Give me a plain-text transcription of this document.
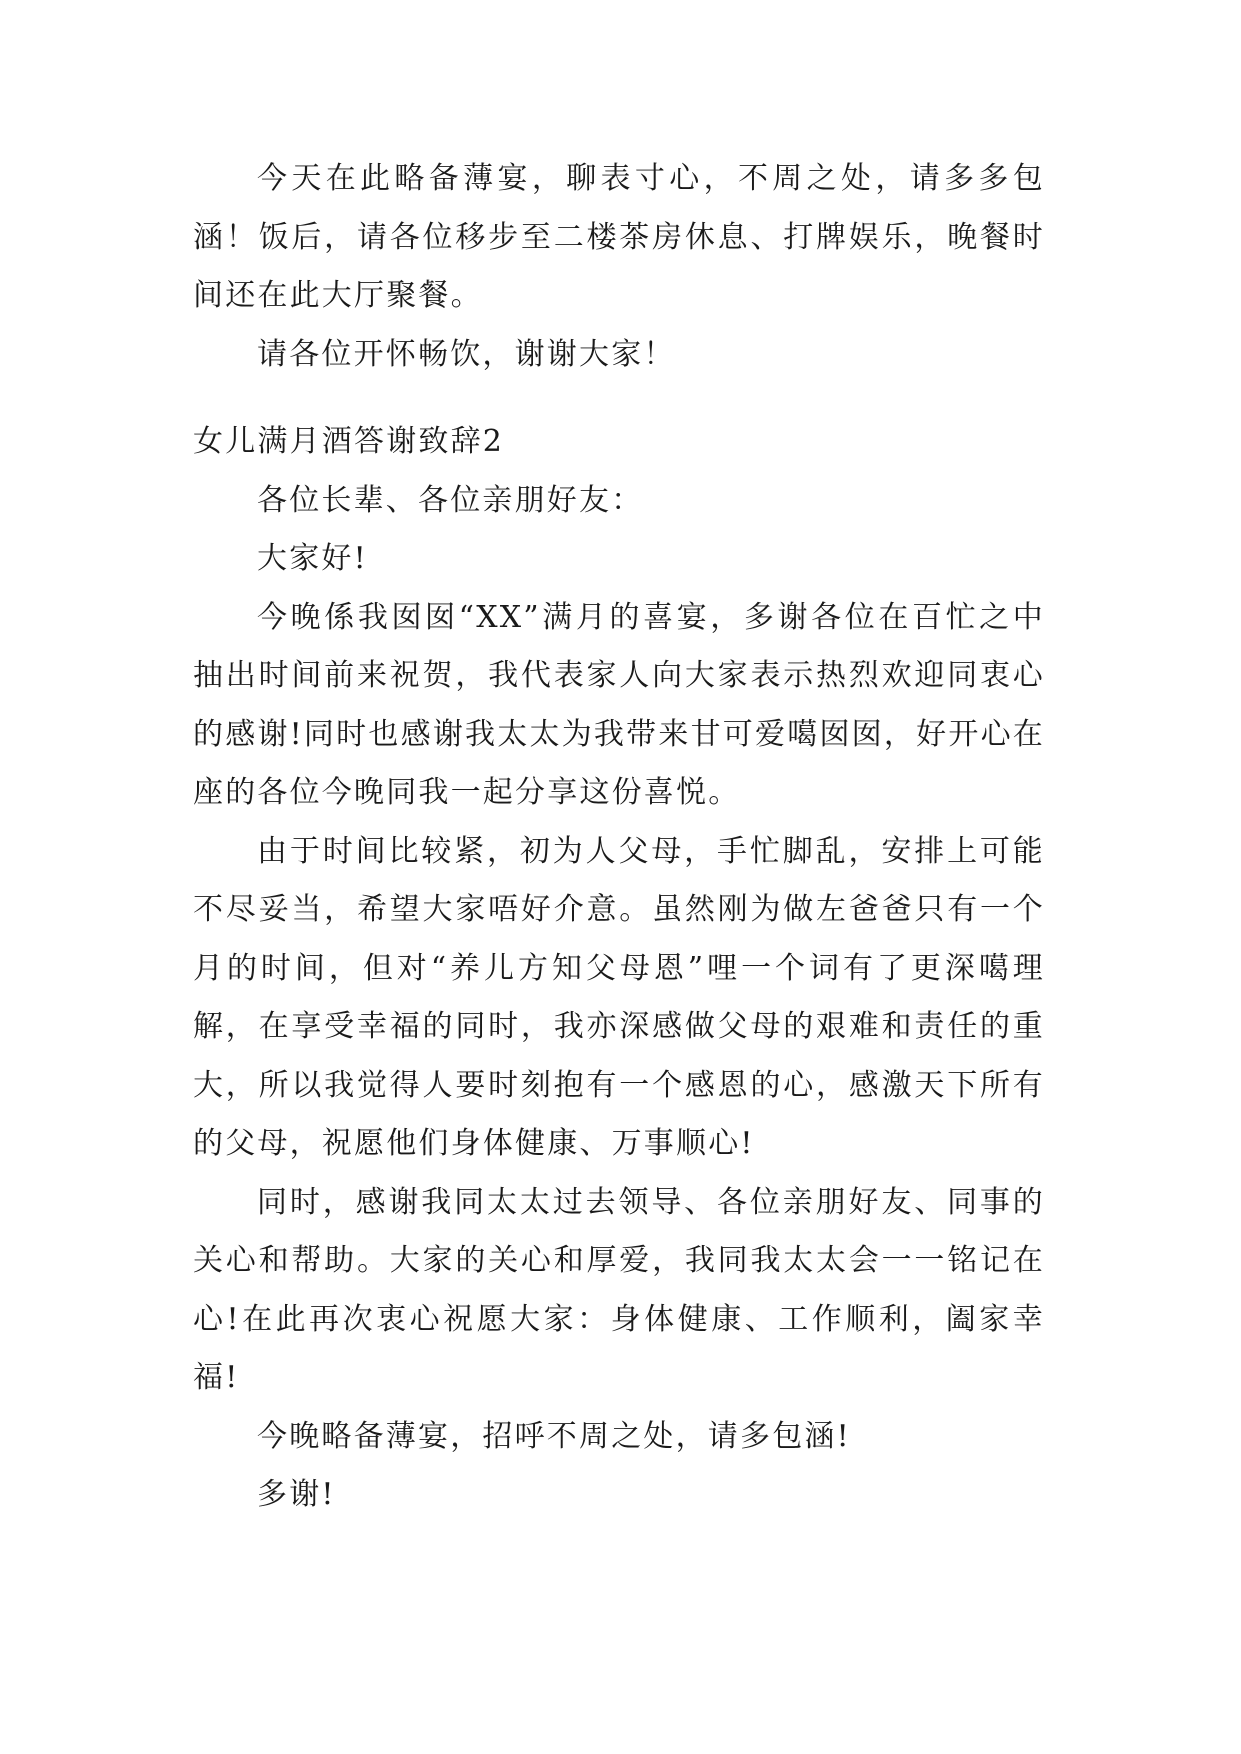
今天在此略备薄宴，聊表寸心，不周之处，请多多包涵！饭后，请各位移步至二楼茶房休息、打牌娱乐，晚餐时间还在此大厅聚餐。

请各位开怀畅饮，谢谢大家！

女儿满月酒答谢致辞2

各位长辈、各位亲朋好友：

大家好!

今晚係我囡囡“XX”满月的喜宴，多谢各位在百忙之中抽出时间前来祝贺，我代表家人向大家表示热烈欢迎同衷心的感谢!同时也感谢我太太为我带来甘可爱噶囡囡，好开心在座的各位今晚同我一起分享这份喜悦。

由于时间比较紧，初为人父母，手忙脚乱，安排上可能不尽妥当，希望大家唔好介意。虽然刚为做左爸爸只有一个月的时间，但对“养儿方知父母恩”哩一个词有了更深噶理解，在享受幸福的同时，我亦深感做父母的艰难和责任的重大，所以我觉得人要时刻抱有一个感恩的心，感激天下所有的父母，祝愿他们身体健康、万事顺心!

同时，感谢我同太太过去领导、各位亲朋好友、同事的关心和帮助。大家的关心和厚爱，我同我太太会一一铭记在心!在此再次衷心祝愿大家：身体健康、工作顺利，阖家幸福!

今晚略备薄宴，招呼不周之处，请多包涵!

多谢!
